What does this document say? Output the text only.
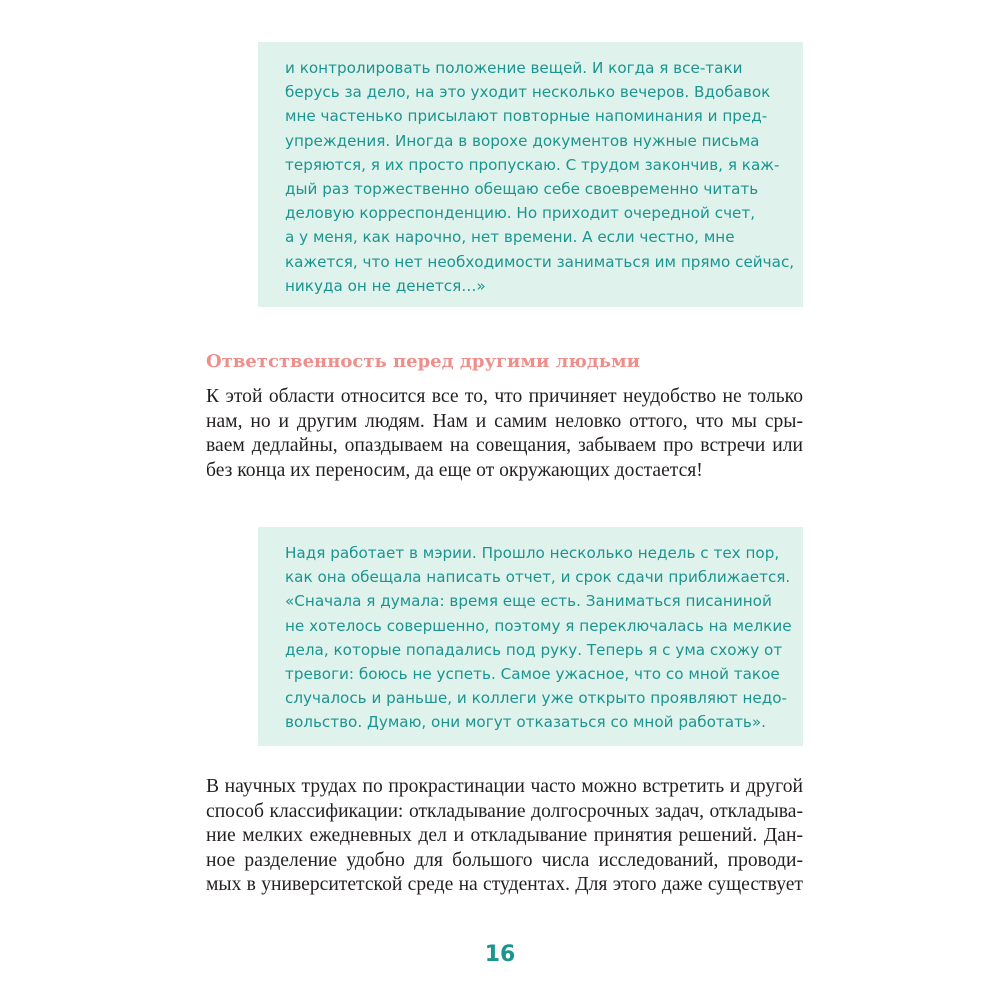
и контролировать положение вещей. И когда я все-таки
берусь за дело, на это уходит несколько вечеров. Вдобавок
мне частенько присылают повторные напоминания и пред-
упреждения. Иногда в ворохе документов нужные письма
теряются, я их просто пропускаю. С трудом закончив, я каж-
дый раз торжественно обещаю себе своевременно читать
деловую корреспонденцию. Но приходит очередной счет,
а у меня, как нарочно, нет времени. А если честно, мне
кажется, что нет необходимости заниматься им прямо сейчас,
никуда он не денется…»
Ответственность перед другими людьми
К этой области относится все то, что причиняет неудобство не только
нам, но и другим людям. Нам и самим неловко оттого, что мы сры-
ваем дедлайны, опаздываем на совещания, забываем про встречи или
без конца их переносим, да еще от окружающих достается!
Надя работает в мэрии. Прошло несколько недель с тех пор,
как она обещала написать отчет, и срок сдачи приближается.
«Сначала я думала: время еще есть. Заниматься писаниной
не хотелось совершенно, поэтому я переключалась на мелкие
дела, которые попадались под руку. Теперь я с ума схожу от
тревоги: боюсь не успеть. Самое ужасное, что со мной такое
случалось и раньше, и коллеги уже открыто проявляют недо-
вольство. Думаю, они могут отказаться со мной работать».
В научных трудах по прокрастинации часто можно встретить и другой
способ классификации: откладывание долгосрочных задач, откладыва-
ние мелких ежедневных дел и откладывание принятия решений. Дан-
ное разделение удобно для большого числа исследований, проводи-
мых в университетской среде на студентах. Для этого даже существует
16
